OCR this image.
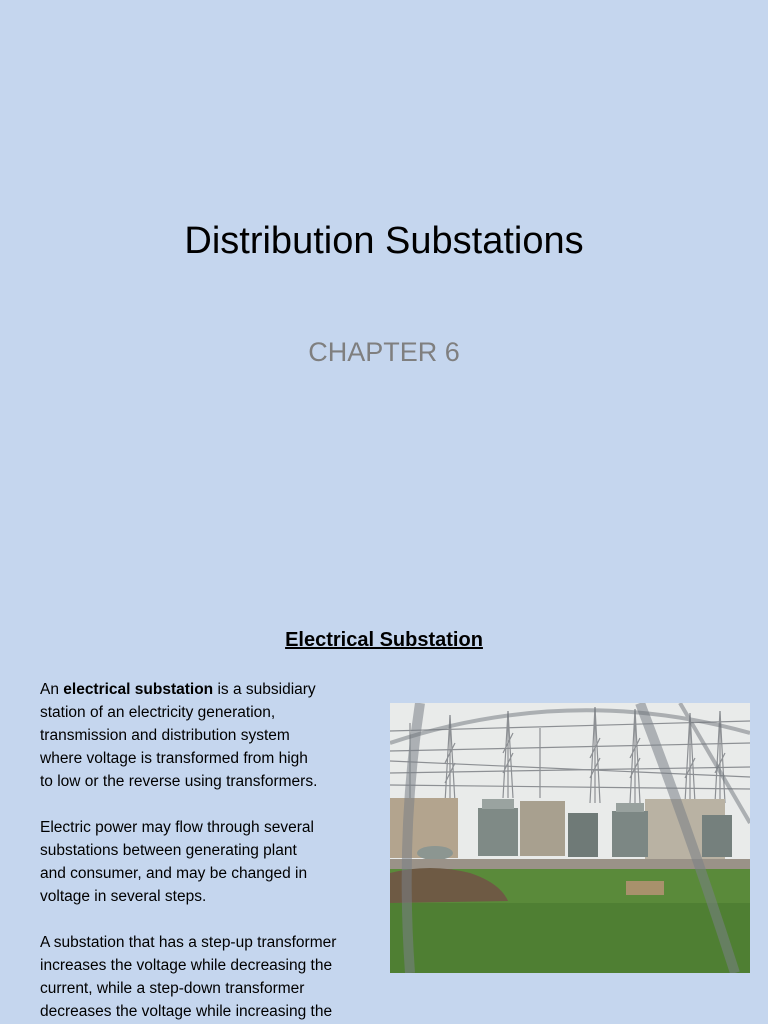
Distribution Substations
CHAPTER 6
Electrical Substation

An electrical substation is a subsidiary
station of an electricity generation,
transmission and distribution system
where voltage is transformed from high
to low or the reverse using transformers.

Electric power may flow through several
substations between generating plant
and consumer, and may be changed in
voltage in several steps.

A substation that has a step-up transformer
increases the voltage while decreasing the
current, while a step-down transformer
decreases the voltage while increasing the
